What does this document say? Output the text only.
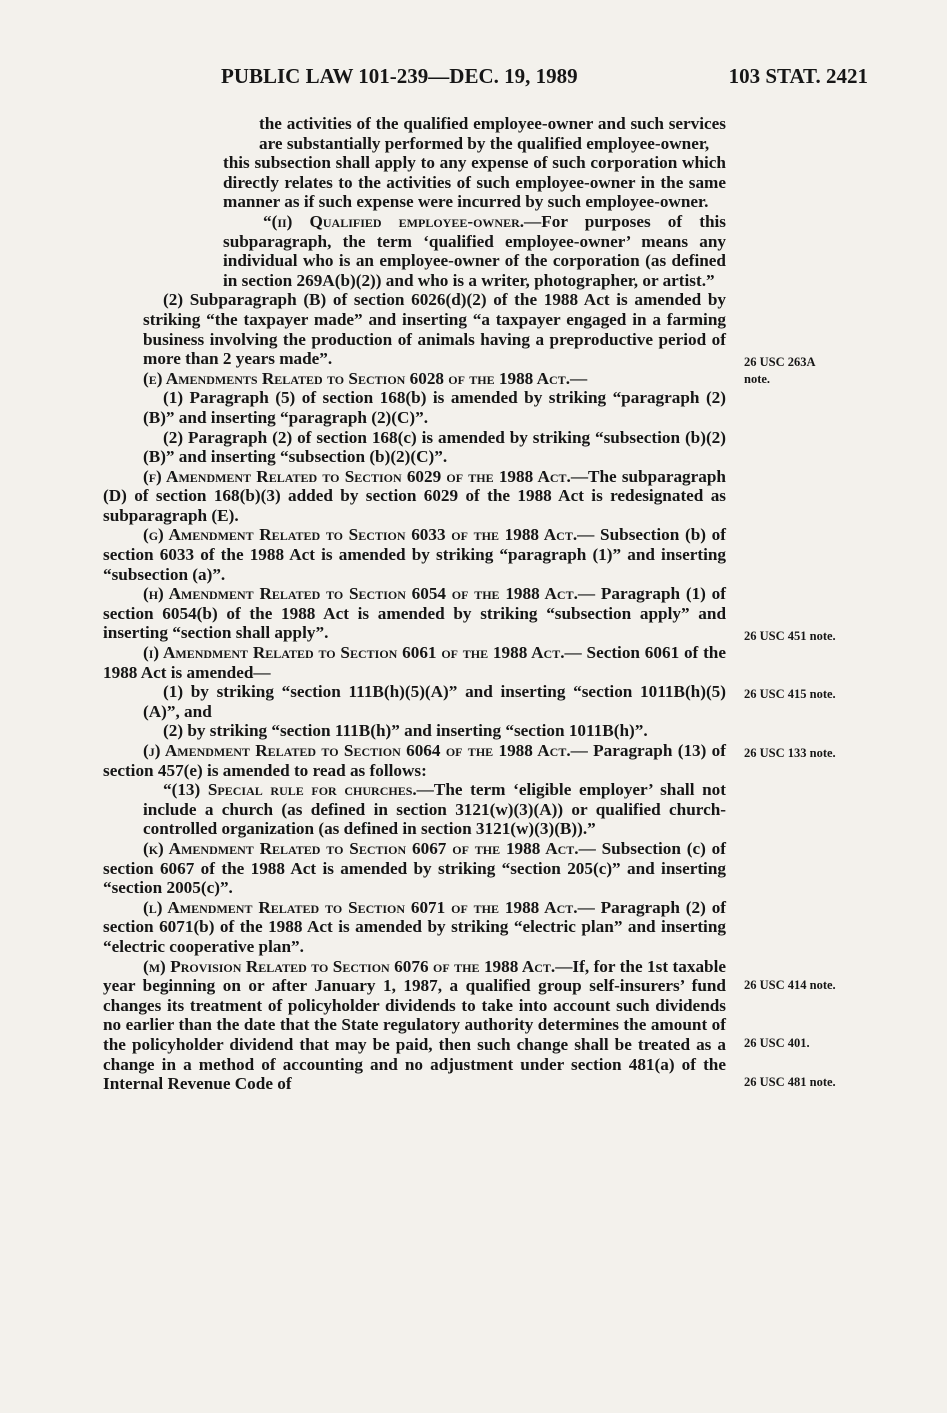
PUBLIC LAW 101-239—DEC. 19, 1989	103 STAT. 2421

the activities of the qualified employee-owner and such services are substantially performed by the qualified employee-owner,

this subsection shall apply to any expense of such corporation which directly relates to the activities of such employee-owner in the same manner as if such expense were incurred by such employee-owner.

“(ii) Qualified employee-owner.—For purposes of this subparagraph, the term ‘qualified employee-owner’ means any individual who is an employee-owner of the corporation (as defined in section 269A(b)(2)) and who is a writer, photographer, or artist.”

(2) Subparagraph (B) of section 6026(d)(2) of the 1988 Act is amended by striking “the taxpayer made” and inserting “a taxpayer engaged in a farming business involving the production of animals having a preproductive period of more than 2 years made”.

(e) Amendments Related to Section 6028 of the 1988 Act.—

(1) Paragraph (5) of section 168(b) is amended by striking “paragraph (2)(B)” and inserting “paragraph (2)(C)”.

(2) Paragraph (2) of section 168(c) is amended by striking “subsection (b)(2)(B)” and inserting “subsection (b)(2)(C)”.

(f) Amendment Related to Section 6029 of the 1988 Act.—The subparagraph (D) of section 168(b)(3) added by section 6029 of the 1988 Act is redesignated as subparagraph (E).

(g) Amendment Related to Section 6033 of the 1988 Act.— Subsection (b) of section 6033 of the 1988 Act is amended by striking “paragraph (1)” and inserting “subsection (a)”.

(h) Amendment Related to Section 6054 of the 1988 Act.— Paragraph (1) of section 6054(b) of the 1988 Act is amended by striking “subsection apply” and inserting “section shall apply”.

(i) Amendment Related to Section 6061 of the 1988 Act.— Section 6061 of the 1988 Act is amended—

(1) by striking “section 111B(h)(5)(A)” and inserting “section 1011B(h)(5)(A)”, and

(2) by striking “section 111B(h)” and inserting “section 1011B(h)”.

(j) Amendment Related to Section 6064 of the 1988 Act.— Paragraph (13) of section 457(e) is amended to read as follows:

“(13) Special rule for churches.—The term ‘eligible employer’ shall not include a church (as defined in section 3121(w)(3)(A)) or qualified church-controlled organization (as defined in section 3121(w)(3)(B)).”

(k) Amendment Related to Section 6067 of the 1988 Act.— Subsection (c) of section 6067 of the 1988 Act is amended by striking “section 205(c)” and inserting “section 2005(c)”.

(l) Amendment Related to Section 6071 of the 1988 Act.— Paragraph (2) of section 6071(b) of the 1988 Act is amended by striking “electric plan” and inserting “electric cooperative plan”.

(m) Provision Related to Section 6076 of the 1988 Act.—If, for the 1st taxable year beginning on or after January 1, 1987, a qualified group self-insurers’ fund changes its treatment of policyholder dividends to take into account such dividends no earlier than the date that the State regulatory authority determines the amount of the policyholder dividend that may be paid, then such change shall be treated as a change in a method of accounting and no adjustment under section 481(a) of the Internal Revenue Code of

26 USC 263A
note.
26 USC 451 note.
26 USC 415 note.
26 USC 133 note.
26 USC 414 note.
26 USC 401.
26 USC 481 note.
